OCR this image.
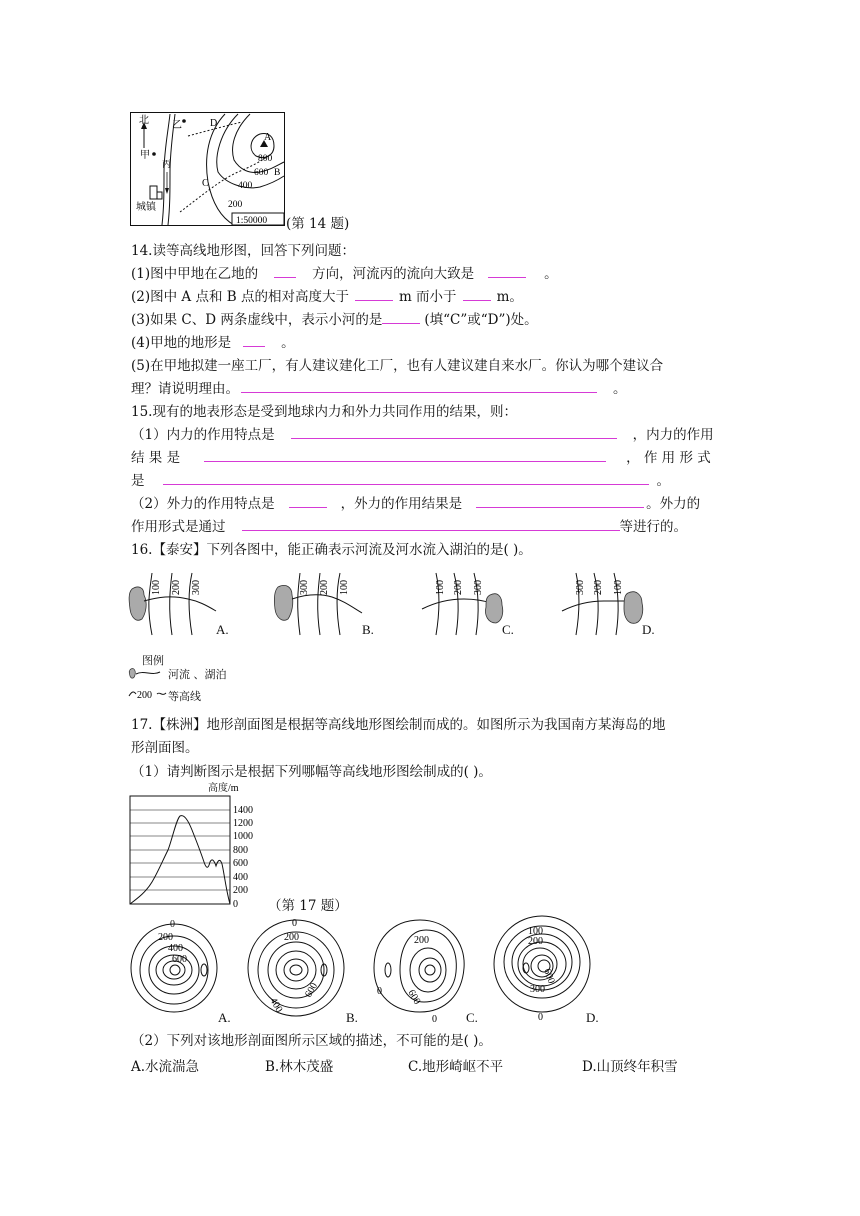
北
甲
乙
丙
城镇
A
800
600 B
400
200
D
C
1:50000 (第 14 题)
14.读等高线地形图，回答下列问题：
(1)图中甲地在乙地的	方向，河流丙的流向大致是	。
(2)图中 A 点和 B 点的相对高度大于	m 而小于	m。
(3)如果 C、D 两条虚线中，表示小河的是	(填“C”或“D”)处。
(4)甲地的地形是	。
(5)在甲地拟建一座工厂，有人建议建化工厂，也有人建议建自来水厂。你认为哪个建议合
理？请说明理由。	。
15.现有的地表形态是受到地球内力和外力共同作用的结果，则：
（1）内力的作用特点是	，内力的作用
结 果 是	， 作 用 形 式
是	。
（2）外力的作用特点是	，外力的作用结果是	。外力的
作用形式是通过	等进行的。
16.【泰安】下列各图中，能正确表示河流及河水流入湖泊的是( )。
100 200 300
A.
300 200 100
B.
100 200 300
C.
300 200 100
D.
图例
河流 、湖泊
200 等高线
17.【株洲】地形剖面图是根据等高线地形图绘制而成的。如图所示为我国南方某海岛的地
形剖面图。
（1）请判断图示是根据下列哪幅等高线地形图绘制成的( )。
高度/m
1400
1200
1000
800
600
400
200
0 （第 17 题）
0
200
400
600
A.
0
200
400
600
B.
200
0 600
0 C.
100
200
600
300
0	D.
（2）下列对该地形剖面图所示区域的描述，不可能的是( )。
A.水流湍急	B.林木茂盛	C.地形崎岖不平	D.山顶终年积雪
